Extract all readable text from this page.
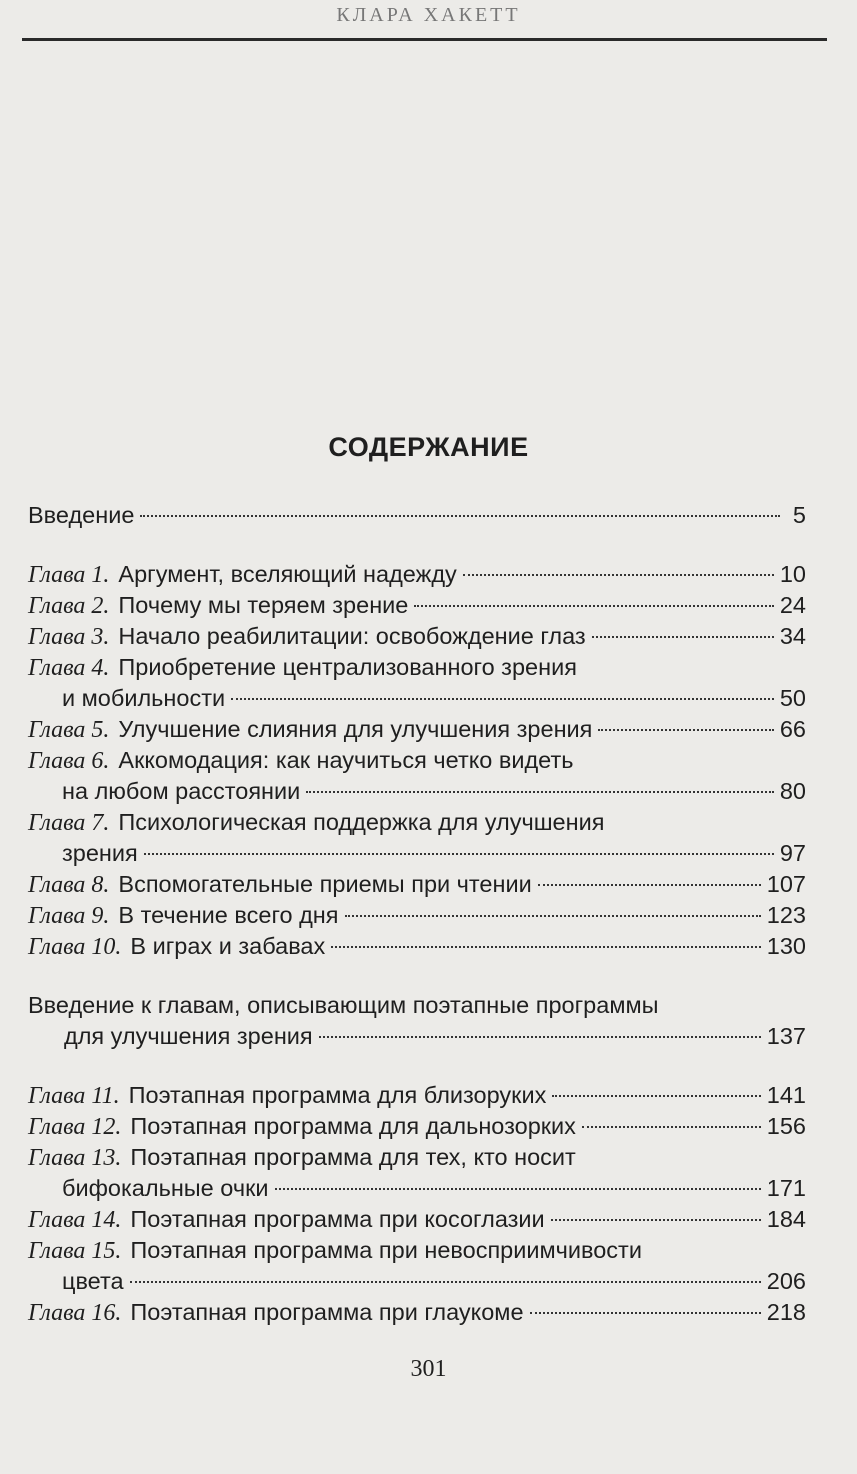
КЛАРА ХАКЕТТ
СОДЕРЖАНИЕ
Введение	5
Глава 1. Аргумент, вселяющий надежду	10
Глава 2. Почему мы теряем зрение	24
Глава 3. Начало реабилитации: освобождение глаз	34
Глава 4. Приобретение централизованного зрения
и мобильности	50
Глава 5. Улучшение слияния для улучшения зрения	66
Глава 6. Аккомодация: как научиться четко видеть
на любом расстоянии	80
Глава 7. Психологическая поддержка для улучшения
зрения	97
Глава 8. Вспомогательные приемы при чтении	107
Глава 9. В течение всего дня	123
Глава 10. В играх и забавах	130
Введение к главам, описывающим поэтапные программы
для улучшения зрения	137
Глава 11. Поэтапная программа для близоруких	141
Глава 12. Поэтапная программа для дальнозорких	156
Глава 13. Поэтапная программа для тех, кто носит
бифокальные очки	171
Глава 14. Поэтапная программа при косоглазии	184
Глава 15. Поэтапная программа при невосприимчивости
цвета	206
Глава 16. Поэтапная программа при глаукоме	218
301
